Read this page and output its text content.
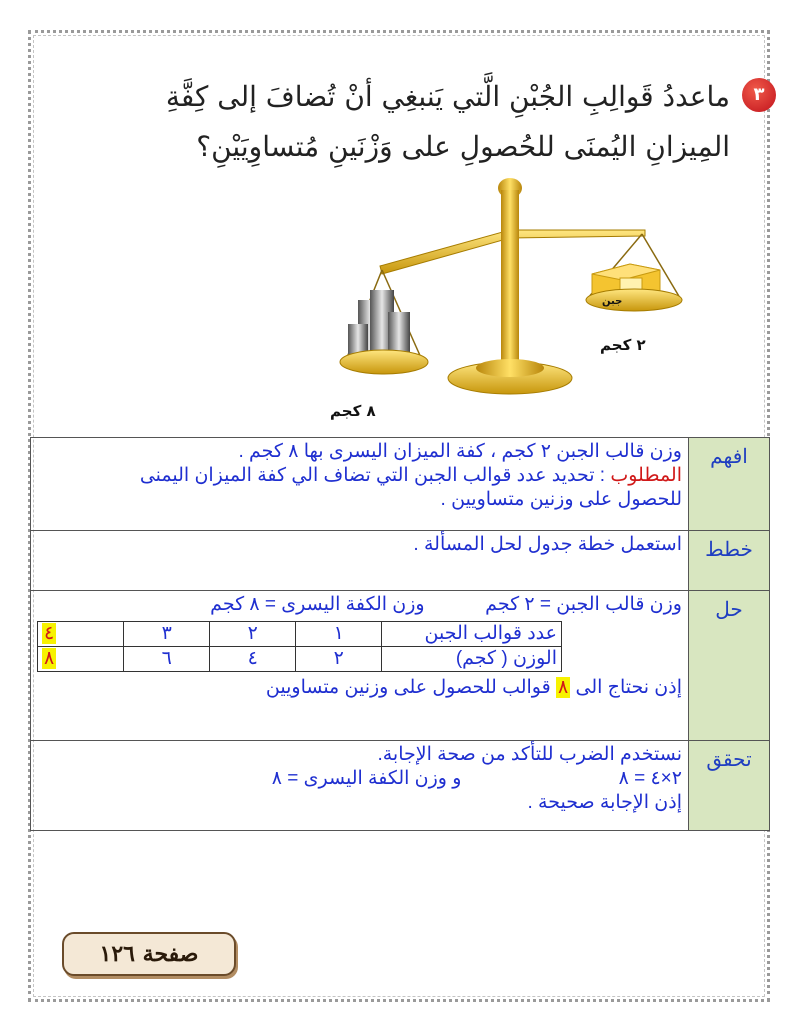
٣
ماعددُ قَوالِبِ الجُبْنِ الَّتي يَنبغِي أنْ تُضافَ إلى كِفَّةِ
المِيزانِ اليُمنَى للحُصولِ على وَزْنَينِ مُتساوِيَيْنِ؟
جبن
٢ كجم
٨ كجم
افهم	
وزن قالب الجبن ٢ كجم ، كفة الميزان اليسرى بها ٨ كجم .
المطلوب : تحديد عدد قوالب الجبن التي تضاف الي كفة الميزان اليمنى
للحصول على وزنين متساويين .

خطط	
استعمل خطة جدول لحل المسألة .

حل	
وزن قالب الجبن = ٢ كجم  وزن الكفة اليسرى = ٨ كجم
عدد قوالب الجبن	١	٢	٣	٤
الوزن ( كجم)	٢	٤	٦	٨
إذن نحتاج الى ٨ قوالب للحصول على وزنين متساويين

تحقق	
نستخدم الضرب للتأكد من صحة الإجابة.
٢×٤ = ٨  و وزن الكفة اليسرى = ٨
إذن الإجابة صحيحة .
صفحة ١٢٦
